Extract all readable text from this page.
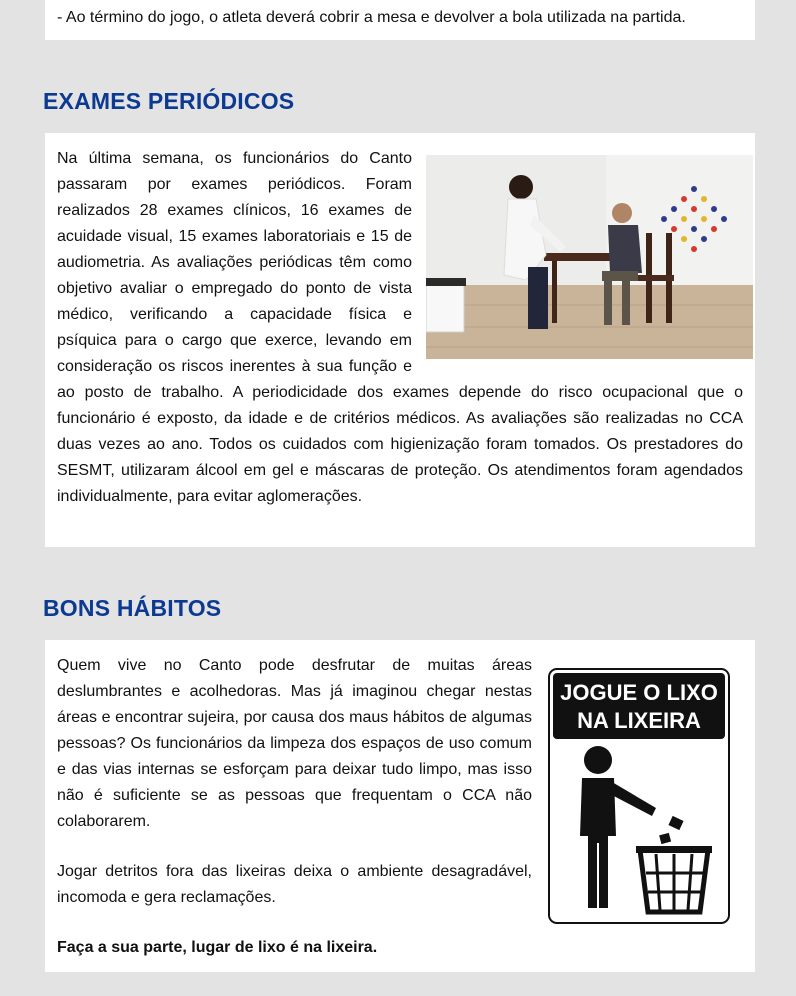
- Ao término do jogo, o atleta deverá cobrir a mesa e devolver a bola utilizada na partida.

EXAMES PERIÓDICOS

Na última semana, os funcionários do Canto passaram por exames periódicos. Foram realizados 28 exames clínicos, 16 exames de acuidade visual, 15 exames laboratoriais e 15 de audiometria. As avaliações periódicas têm como objetivo avaliar o empregado do ponto de vista médico, verificando a capacidade física e psíquica para o cargo que exerce, levando em consideração os riscos inerentes à sua função e ao posto de trabalho. A periodicidade dos exames depende do risco ocupacional que o funcionário é exposto, da idade e de critérios médicos. As avaliações são realizadas no CCA duas vezes ao ano. Todos os cuidados com higienização foram tomados. Os prestadores do SESMT, utilizaram álcool em gel e máscaras de proteção. Os atendimentos foram agendados individualmente, para evitar aglomerações.

BONS HÁBITOS

Quem vive no Canto pode desfrutar de muitas áreas deslumbrantes e acolhedoras. Mas já imaginou chegar nestas áreas e encontrar sujeira, por causa dos maus hábitos de algumas pessoas? Os funcionários da limpeza dos espaços de uso comum e das vias internas se esforçam para deixar tudo limpo, mas isso não é suficiente se as pessoas que frequentam o CCA não colaborarem.

Jogar detritos fora das lixeiras deixa o ambiente desagradável, incomoda e gera reclamações.

Faça a sua parte, lugar de lixo é na lixeira.

JOGUE O LIXO
NA LIXEIRA
